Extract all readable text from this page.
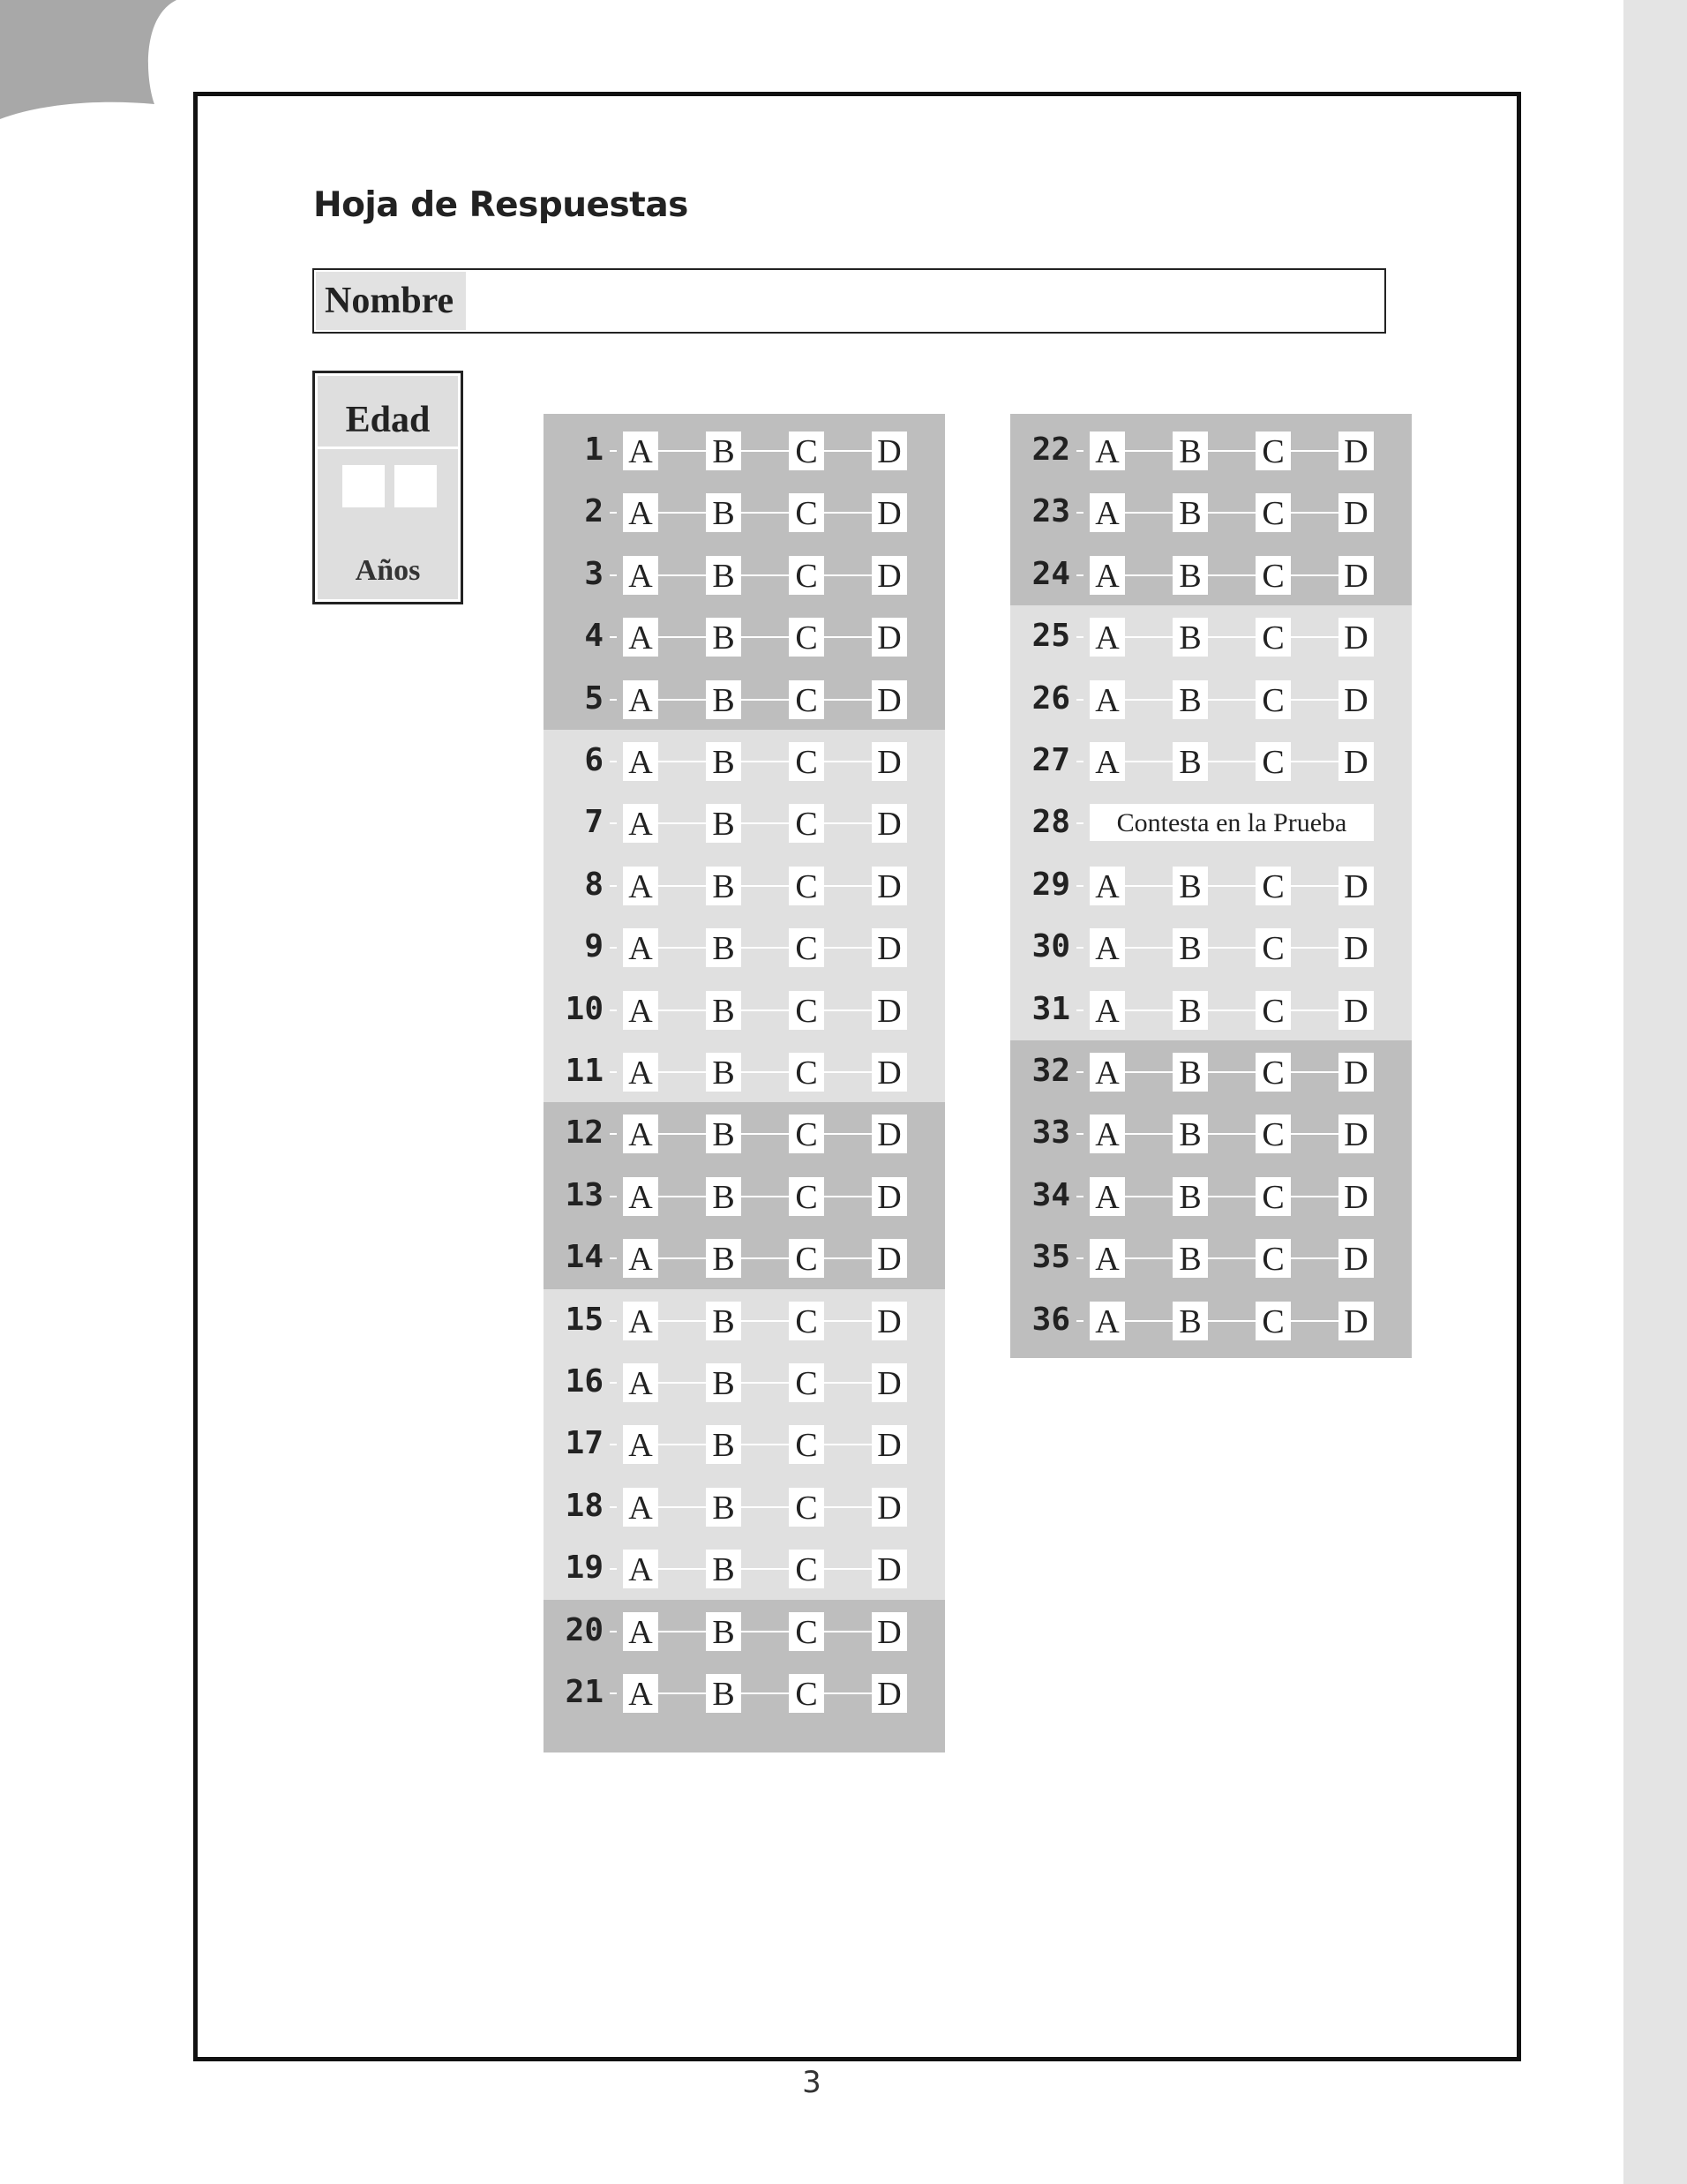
Hoja de Respuestas
Nombre
Edad
Años
1 A B C D
2 A B C D
3 A B C D
4 A B C D
5 A B C D
6 A B C D
7 A B C D
8 A B C D
9 A B C D
10 A B C D
11 A B C D
12 A B C D
13 A B C D
14 A B C D
15 A B C D
16 A B C D
17 A B C D
18 A B C D
19 A B C D
20 A B C D
21 A B C D
22 A B C D
23 A B C D
24 A B C D
25 A B C D
26 A B C D
27 A B C D
28	Contesta en la Prueba
29 A B C D
30 A B C D
31 A B C D
32 A B C D
33 A B C D
34 A B C D
35 A B C D
36 A B C D
3
